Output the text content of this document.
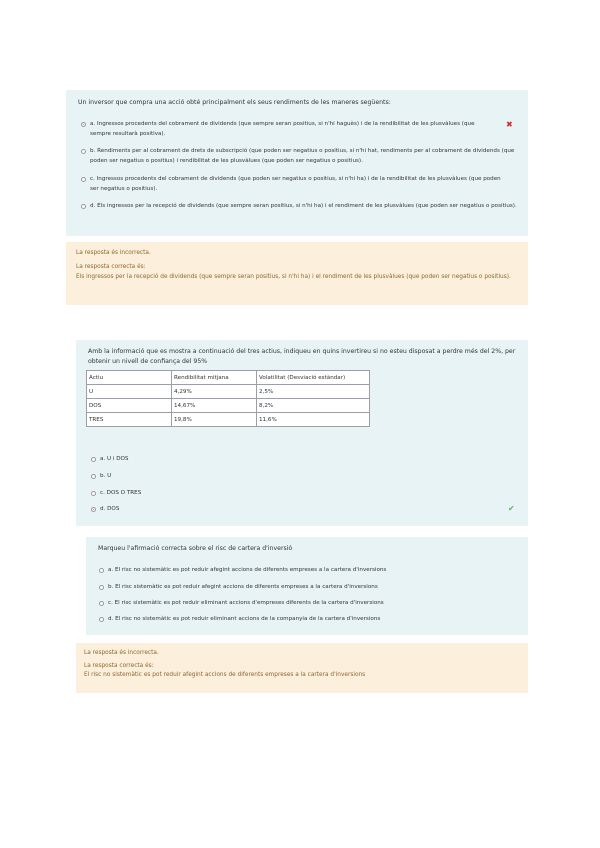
Un inversor que compra una acció obté principalment els seus rendiments de les maneres següents:
a. Ingressos procedents del cobrament de dividends (que sempre seran positius, si n'hi haguès) i de la rendibilitat de les plusvàlues (que sempre resultarà positiva).
✖
b. Rendiments per al cobrament de drets de subscripció (que poden ser negatius o positius, si n'hi hat, rendiments per al cobrament de dividends (que poden ser negatius o positius) i rendibilitat de les plusvàlues (que poden ser negatius o positius).
c. Ingressos procedents del cobrament de dividends (que poden ser negatius o positius, si n'hi ha) i de la rendibilitat de les plusvàlues (que poden ser negatius o positius).
d. Els ingressos per la recepció de dividends (que sempre seran positius, si n'hi ha) i el rendiment de les plusvàlues (que poden ser negatius o positius).
La resposta és incorrecta.
La resposta correcta és:
Els ingressos per la recepció de dividends (que sempre seran positius, si n'hi ha) i el rendiment de les plusvàlues (que poden ser negatius o positius).
Amb la informació que es mostra a continuació del tres actius, indiqueu en quins invertireu si no esteu disposat a perdre més del 2%, per obtenir un nivell de confiança del 95%
Actiu	Rendibilitat mitjana	Volatilitat (Desviació estàndar)
U	4,29%	2,5%
DOS	14,67%	8,2%
TRES	19,8%	11,6%
a. U i DOS
b. U
c. DOS O TRES
d. DOS	✔
Marqueu l'afirmació correcta sobre el risc de cartera d'inversió
a. El risc no sistemàtic es pot reduir afegint accions de diferents empreses a la cartera d'inversions
b. El risc sistemàtic es pot reduir afegint accions de diferents empreses a la cartera d'inversions
c. El risc sistemàtic es pot reduir eliminant accions d'empreses diferents de la cartera d'inversions
d. El risc no sistemàtic es pot reduir eliminant accions de la companyia de la cartera d'inversions
La resposta és incorrecta.
La resposta correcta és:
El risc no sistemàtic es pot reduir afegint accions de diferents empreses a la cartera d'inversions
